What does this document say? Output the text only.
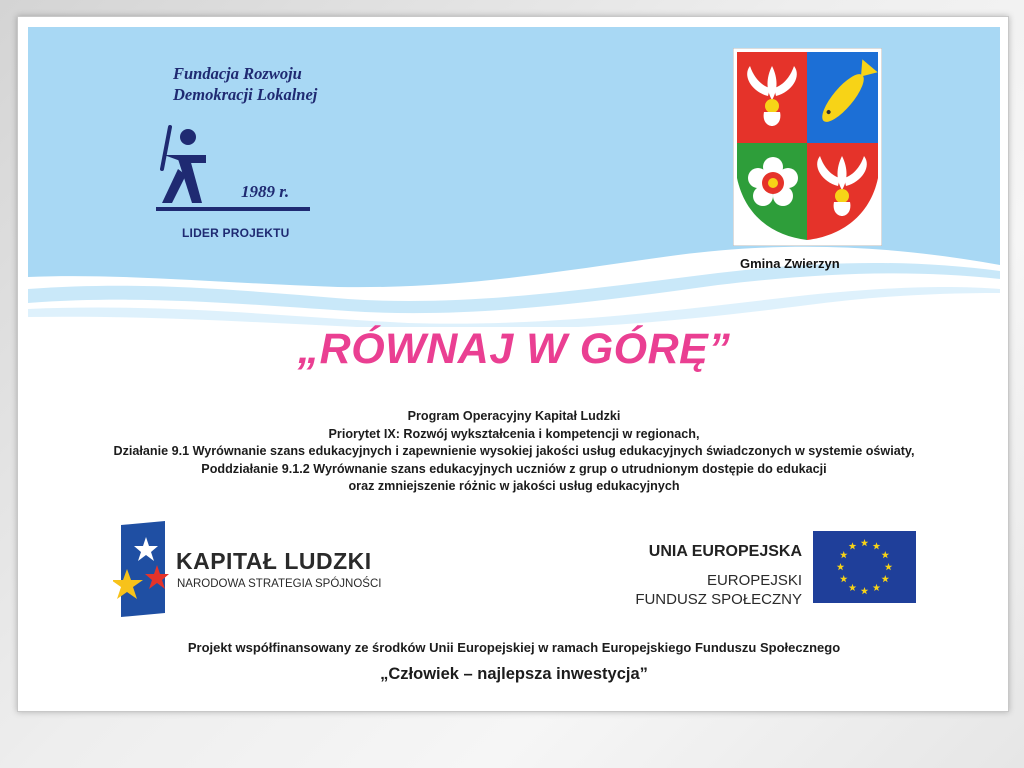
Fundacja Rozwoju
Demokracji Lokalnej
1989 r.
LIDER PROJEKTU
Gmina Zwierzyn
„RÓWNAJ W GÓRĘ”
Program Operacyjny Kapitał Ludzki
Priorytet IX: Rozwój wykształcenia i kompetencji w regionach,
Działanie 9.1 Wyrównanie szans edukacyjnych i zapewnienie wysokiej jakości usług edukacyjnych świadczonych w systemie oświaty,
Poddziałanie 9.1.2 Wyrównanie szans edukacyjnych uczniów z grup o utrudnionym dostępie do edukacji
oraz zmniejszenie różnic w jakości usług edukacyjnych
KAPITAŁ LUDZKI
NARODOWA STRATEGIA SPÓJNOŚCI
UNIA EUROPEJSKA
EUROPEJSKI
FUNDUSZ SPOŁECZNY
Projekt współfinansowany ze środków Unii Europejskiej w ramach Europejskiego Funduszu Społecznego
„Człowiek – najlepsza inwestycja”
